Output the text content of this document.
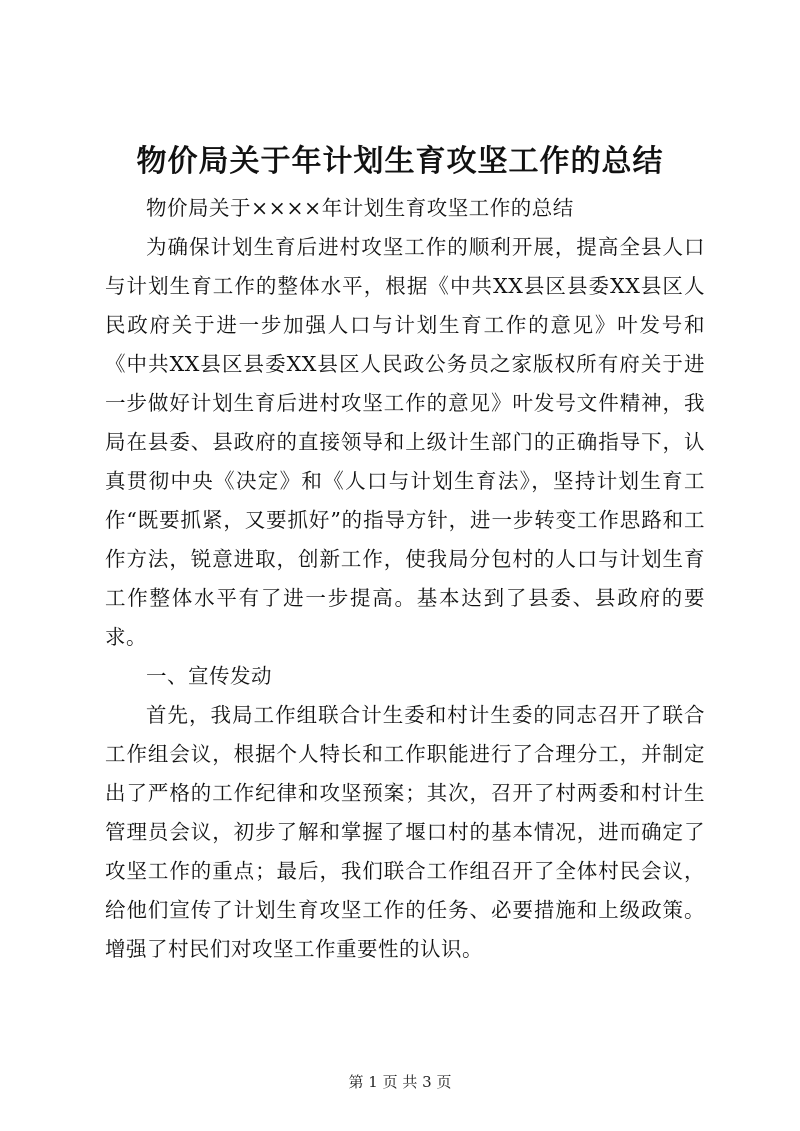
物价局关于年计划生育攻坚工作的总结

物价局关于××××年计划生育攻坚工作的总结

为确保计划生育后进村攻坚工作的顺利开展，提高全县人口与计划生育工作的整体水平，根据《中共XX县区县委XX县区人民政府关于进一步加强人口与计划生育工作的意见》叶发号和《中共XX县区县委XX县区人民政公务员之家版权所有府关于进一步做好计划生育后进村攻坚工作的意见》叶发号文件精神，我局在县委、县政府的直接领导和上级计生部门的正确指导下，认真贯彻中央《决定》和《人口与计划生育法》，坚持计划生育工作“既要抓紧，又要抓好”的指导方针，进一步转变工作思路和工作方法，锐意进取，创新工作，使我局分包村的人口与计划生育工作整体水平有了进一步提高。基本达到了县委、县政府的要求。

一、宣传发动

首先，我局工作组联合计生委和村计生委的同志召开了联合工作组会议，根据个人特长和工作职能进行了合理分工，并制定出了严格的工作纪律和攻坚预案；其次，召开了村两委和村计生管理员会议，初步了解和掌握了堰口村的基本情况，进而确定了攻坚工作的重点；最后，我们联合工作组召开了全体村民会议，给他们宣传了计划生育攻坚工作的任务、必要措施和上级政策。增强了村民们对攻坚工作重要性的认识。

第 1 页 共 3 页
